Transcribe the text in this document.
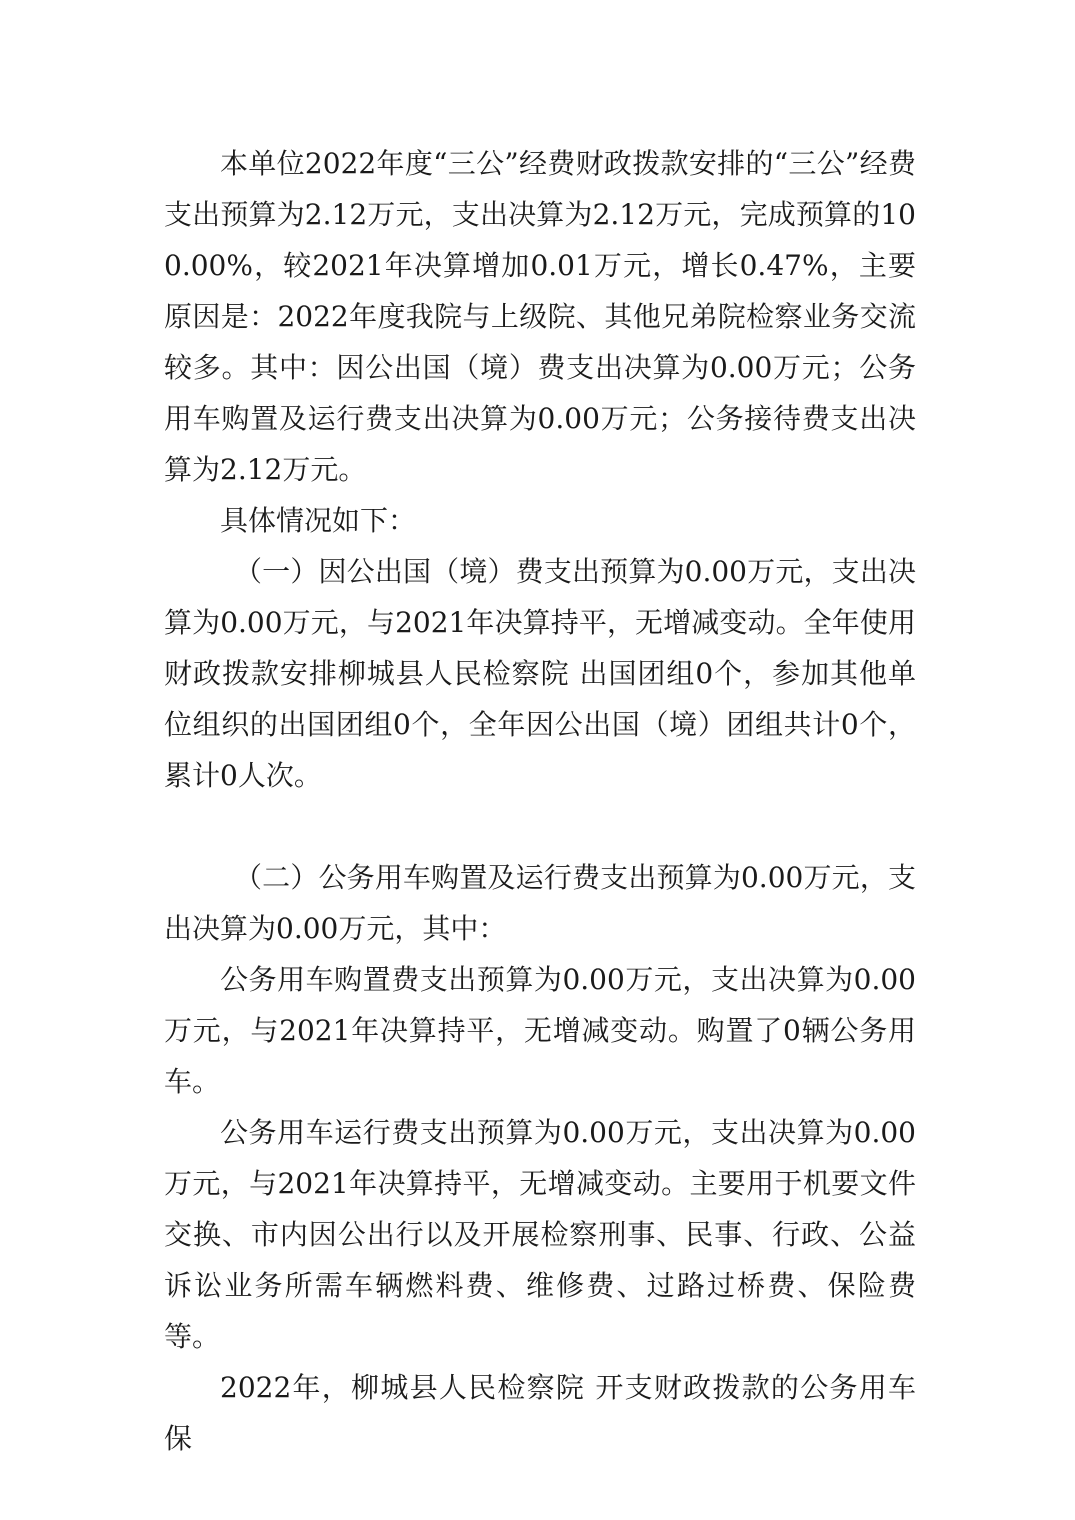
本单位2022年度“三公”经费财政拨款安排的“三公”经费支出预算为2.12万元，支出决算为2.12万元，完成预算的100.00%，较2021年决算增加0.01万元，增长0.47%，主要原因是：2022年度我院与上级院、其他兄弟院检察业务交流较多。其中：因公出国（境）费支出决算为0.00万元；公务用车购置及运行费支出决算为0.00万元；公务接待费支出决算为2.12万元。

具体情况如下：

（一）因公出国（境）费支出预算为0.00万元，支出决算为0.00万元，与2021年决算持平，无增减变动。全年使用财政拨款安排柳城县人民检察院 出国团组0个，参加其他单位组织的出国团组0个，全年因公出国（境）团组共计0个，累计0人次。

（二）公务用车购置及运行费支出预算为0.00万元，支出决算为0.00万元，其中：

公务用车购置费支出预算为0.00万元，支出决算为0.00万元，与2021年决算持平，无增减变动。购置了0辆公务用车。

公务用车运行费支出预算为0.00万元，支出决算为0.00万元，与2021年决算持平，无增减变动。主要用于机要文件交换、市内因公出行以及开展检察刑事、民事、行政、公益诉讼业务所需车辆燃料费、维修费、过路过桥费、保险费等。

2022年，柳城县人民检察院 开支财政拨款的公务用车保
